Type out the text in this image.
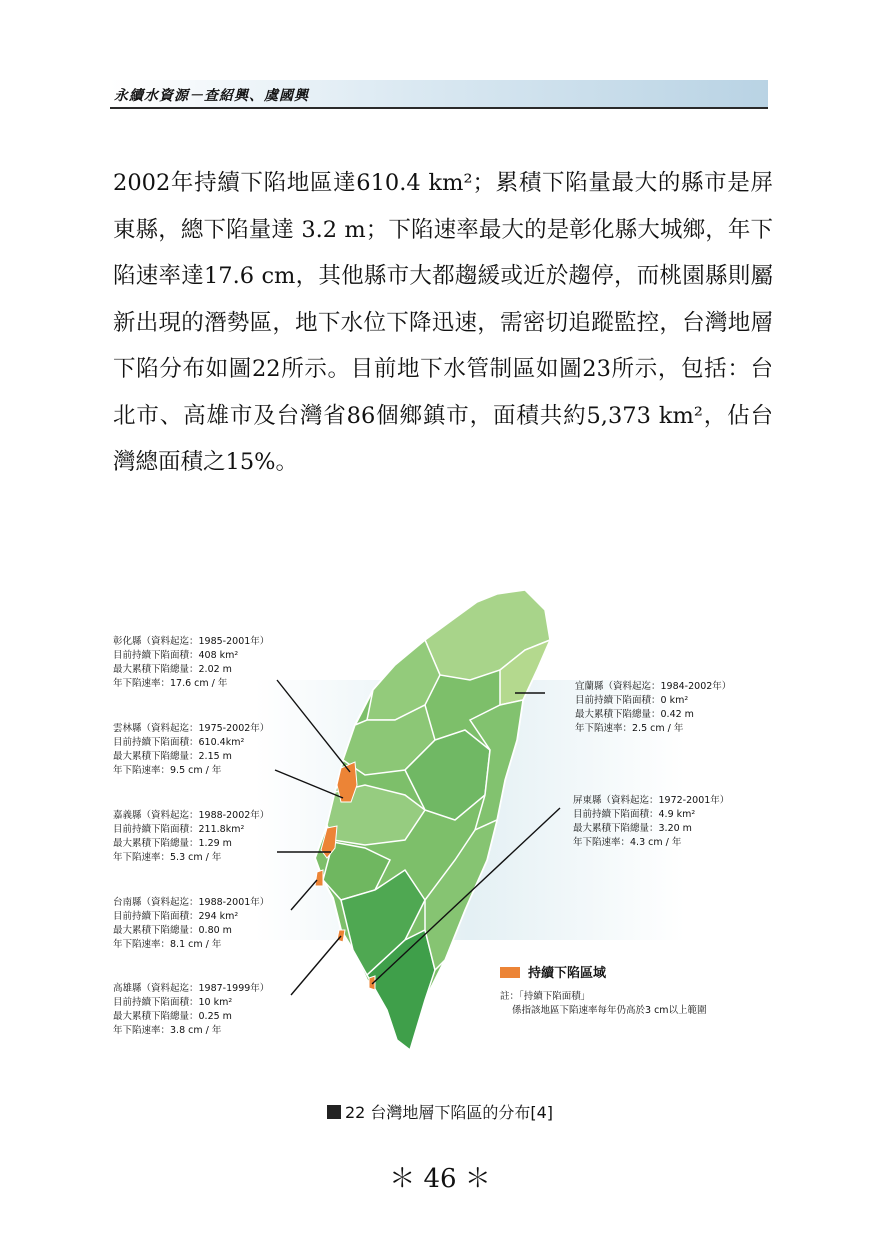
永續水資源－查紹興、虞國興

2002年持續下陷地區達610.4 km²；累積下陷量最大的縣市是屏東縣，總下陷量達 3.2 m；下陷速率最大的是彰化縣大城鄉，年下陷速率達17.6 cm，其他縣市大都趨緩或近於趨停，而桃園縣則屬新出現的潛勢區，地下水位下降迅速，需密切追蹤監控，台灣地層下陷分布如圖22所示。目前地下水管制區如圖23所示，包括：台北市、高雄市及台灣省86個鄉鎮市，面積共約5,373 km²，佔台灣總面積之15%。

彰化縣（資料起迄：1985-2001年）
目前持續下陷面積：408 km²
最大累積下陷總量：2.02 m
年下陷速率：17.6 cm / 年
雲林縣（資料起迄：1975-2002年）
目前持續下陷面積：610.4km²
最大累積下陷總量：2.15 m
年下陷速率：9.5 cm / 年
嘉義縣（資料起迄：1988-2002年）
目前持續下陷面積：211.8km²
最大累積下陷總量：1.29 m
年下陷速率：5.3 cm / 年
台南縣（資料起迄：1988-2001年）
目前持續下陷面積：294 km²
最大累積下陷總量：0.80 m
年下陷速率：8.1 cm / 年
高雄縣（資料起迄：1987-1999年）
目前持續下陷面積：10 km²
最大累積下陷總量：0.25 m
年下陷速率：3.8 cm / 年
宜蘭縣（資料起迄：1984-2002年）
目前持續下陷面積：0 km²
最大累積下陷總量：0.42 m
年下陷速率：2.5 cm / 年
屏東縣（資料起迄：1972-2001年）
目前持續下陷面積：4.9 km²
最大累積下陷總量：3.20 m
年下陷速率：4.3 cm / 年
持續下陷區域
註：「持續下陷面積」
係指該地區下陷速率每年仍高於3 cm以上範圍
22 台灣地層下陷區的分布[4]
＊ 46 ＊
